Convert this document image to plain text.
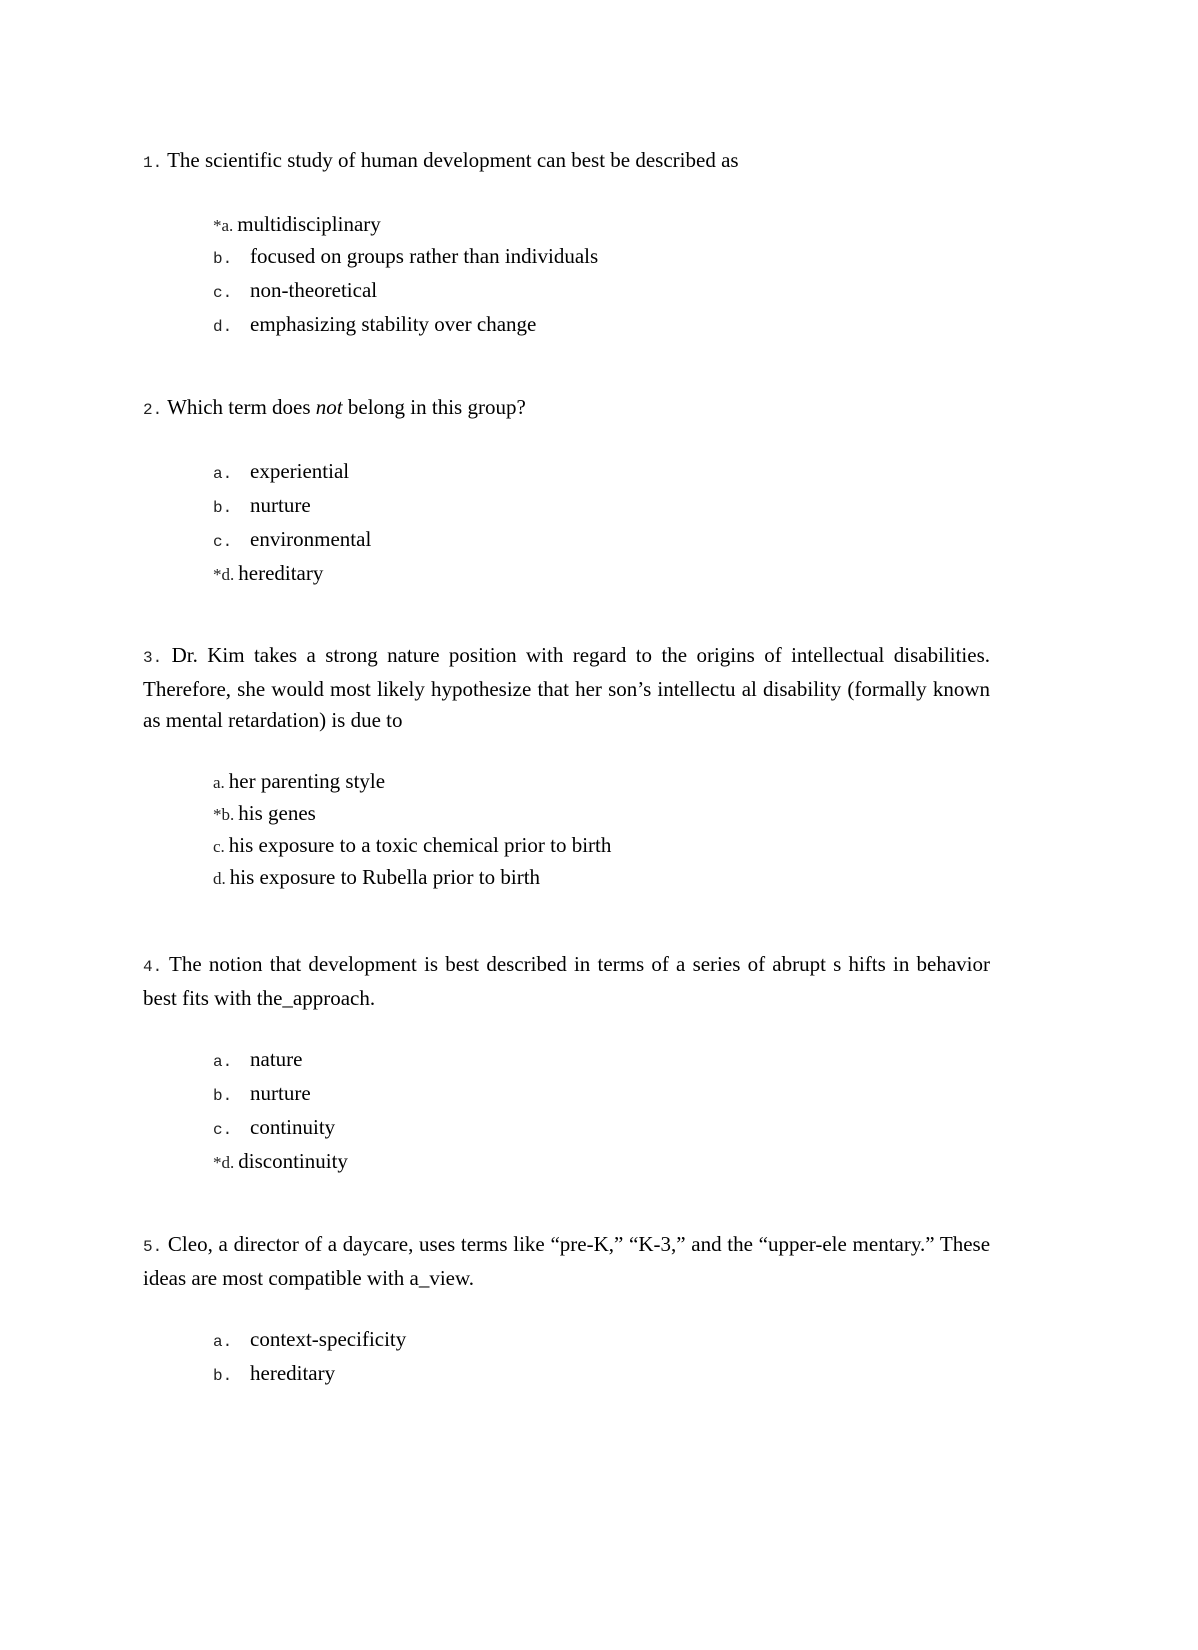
1. The scientific study of human development can best be described as

*a. multidisciplinary
b. focused on groups rather than individuals
c. non-theoretical
d. emphasizing stability over change

2. Which term does not belong in this group?

a. experiential
b. nurture
c. environmental
*d. hereditary

3. Dr. Kim takes a strong nature position with regard to the origins of intellectual disabilities. Therefore, she would most likely hypothesize that her son’s intellectu al disability (formally known as mental retardation) is due to

a. her parenting style
*b. his genes
c. his exposure to a toxic chemical prior to birth
d. his exposure to Rubella prior to birth

4. The notion that development is best described in terms of a series of abrupt s hifts in behavior best fits with the_approach.

a. nature
b. nurture
c. continuity
*d. discontinuity

5. Cleo, a director of a daycare, uses terms like “pre-K,” “K-3,” and the “upper-ele mentary.” These ideas are most compatible with a_view.

a. context-specificity
b. hereditary
